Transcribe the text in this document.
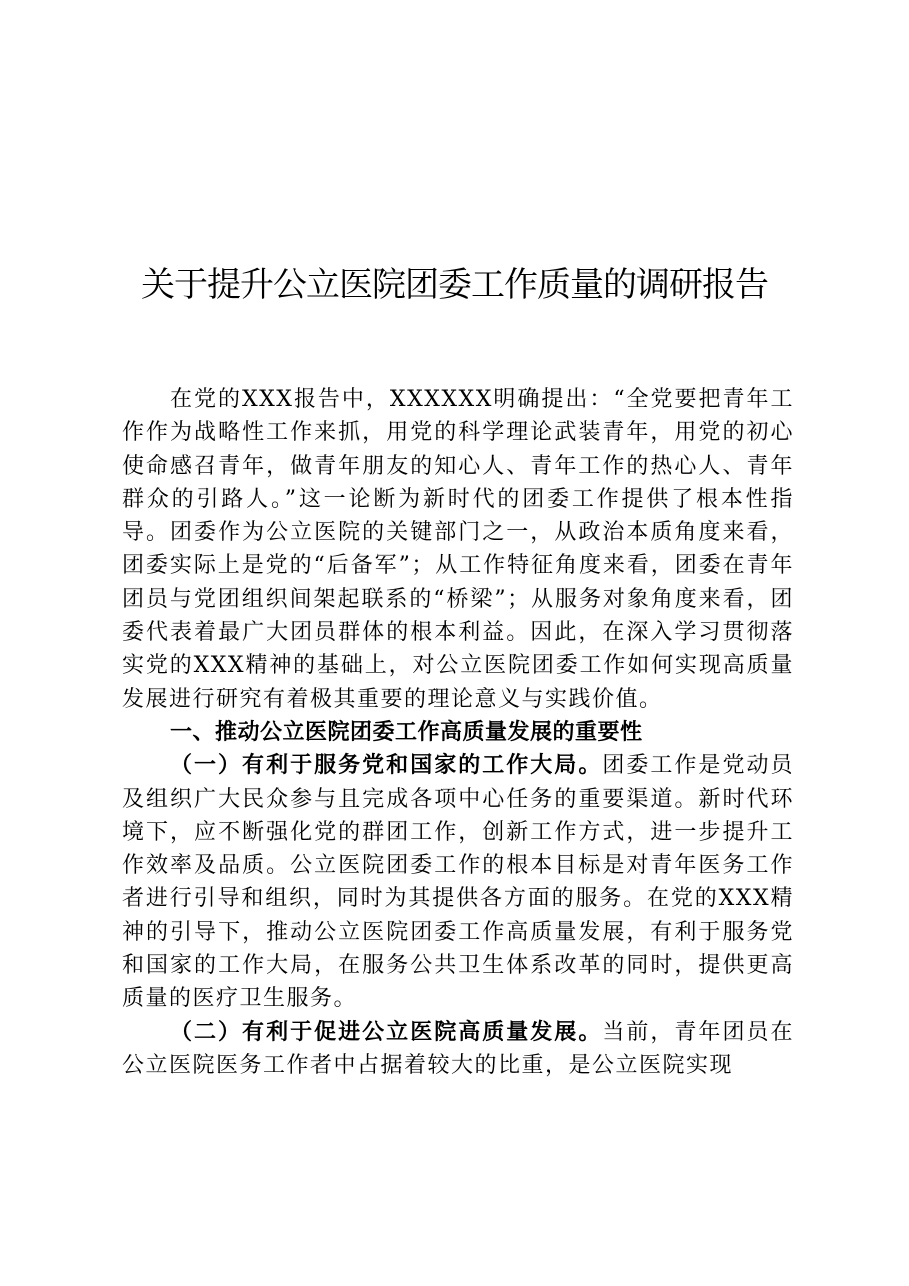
关于提升公立医院团委工作质量的调研报告

在党的XXX报告中，XXXXXX明确提出：“全党要把青年工作作为战略性工作来抓，用党的科学理论武装青年，用党的初心使命感召青年，做青年朋友的知心人、青年工作的热心人、青年群众的引路人。”这一论断为新时代的团委工作提供了根本性指导。团委作为公立医院的关键部门之一，从政治本质角度来看，团委实际上是党的“后备军”；从工作特征角度来看，团委在青年团员与党团组织间架起联系的“桥梁”；从服务对象角度来看，团委代表着最广大团员群体的根本利益。因此，在深入学习贯彻落实党的XXX精神的基础上，对公立医院团委工作如何实现高质量发展进行研究有着极其重要的理论意义与实践价值。

一、推动公立医院团委工作高质量发展的重要性

（一）有利于服务党和国家的工作大局。团委工作是党动员及组织广大民众参与且完成各项中心任务的重要渠道。新时代环境下，应不断强化党的群团工作，创新工作方式，进一步提升工作效率及品质。公立医院团委工作的根本目标是对青年医务工作者进行引导和组织，同时为其提供各方面的服务。在党的XXX精神的引导下，推动公立医院团委工作高质量发展，有利于服务党和国家的工作大局，在服务公共卫生体系改革的同时，提供更高质量的医疗卫生服务。

（二）有利于促进公立医院高质量发展。当前，青年团员在公立医院医务工作者中占据着较大的比重，是公立医院实现
